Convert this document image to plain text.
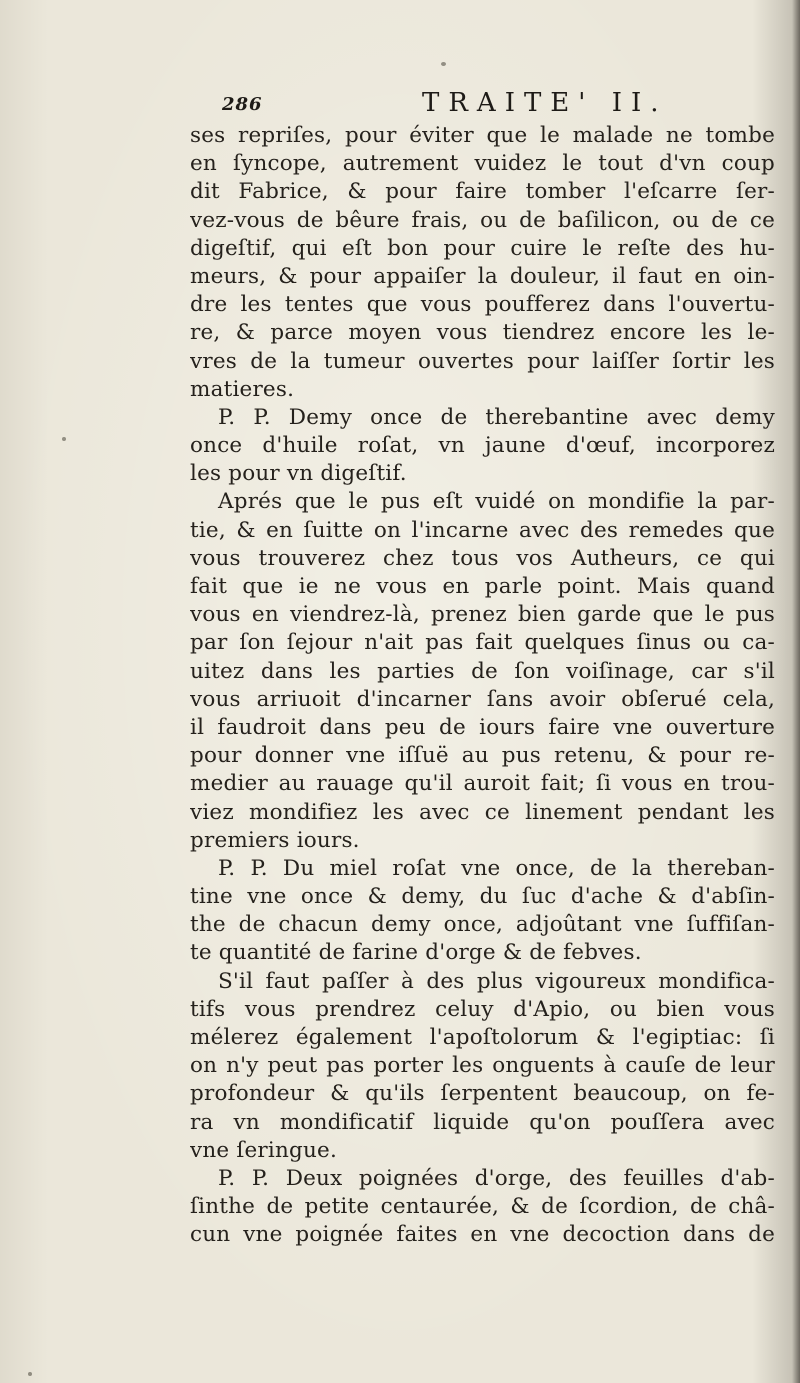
286	TRAITE' II.
ses repriſes, pour éviter que le malade ne tombe
en ſyncope, autrement vuidez le tout d'vn coup
dit Fabrice, & pour faire tomber l'eſcarre ſer-
vez-vous de bêure frais, ou de baſilicon, ou de ce
digeſtif, qui eſt bon pour cuire le reſte des hu-
meurs, & pour appaiſer la douleur, il faut en oin-
dre les tentes que vous poufferez dans l'ouvertu-
re, & parce moyen vous tiendrez encore les le-
vres de la tumeur ouvertes pour laiſſer ſortir les
matieres.
P. P. Demy once de therebantine avec demy
once d'huile roſat, vn jaune d'œuf, incorporez
les pour vn digeſtif.
Aprés que le pus eſt vuidé on mondifie la par-
tie, & en ſuitte on l'incarne avec des remedes que
vous trouverez chez tous vos Autheurs, ce qui
fait que ie ne vous en parle point. Mais quand
vous en viendrez-là, prenez bien garde que le pus
par ſon ſejour n'ait pas fait quelques ſinus ou ca-
uitez dans les parties de ſon voiſinage, car s'il
vous arriuoit d'incarner ſans avoir obſerué cela,
il faudroit dans peu de iours faire vne ouverture
pour donner vne iſſuë au pus retenu, & pour re-
medier au rauage qu'il auroit fait; ſi vous en trou-
viez mondifiez les avec ce linement pendant les
premiers iours.
P. P. Du miel roſat vne once, de la thereban-
tine vne once & demy, du ſuc d'ache & d'abſin-
the de chacun demy once, adjoûtant vne ſuffiſan-
te quantité de farine d'orge & de febves.
S'il faut paſſer à des plus vigoureux mondifica-
tifs vous prendrez celuy d'Apio, ou bien vous
mélerez également l'apoſtolorum & l'egiptiac: ſi
on n'y peut pas porter les onguents à cauſe de leur
profondeur & qu'ils ſerpentent beaucoup, on fe-
ra vn mondificatif liquide qu'on pouſſera avec
vne ſeringue.
P. P. Deux poignées d'orge, des feuilles d'ab-
ſinthe de petite centaurée, & de ſcordion, de châ-
cun vne poignée faites en vne decoction dans de
